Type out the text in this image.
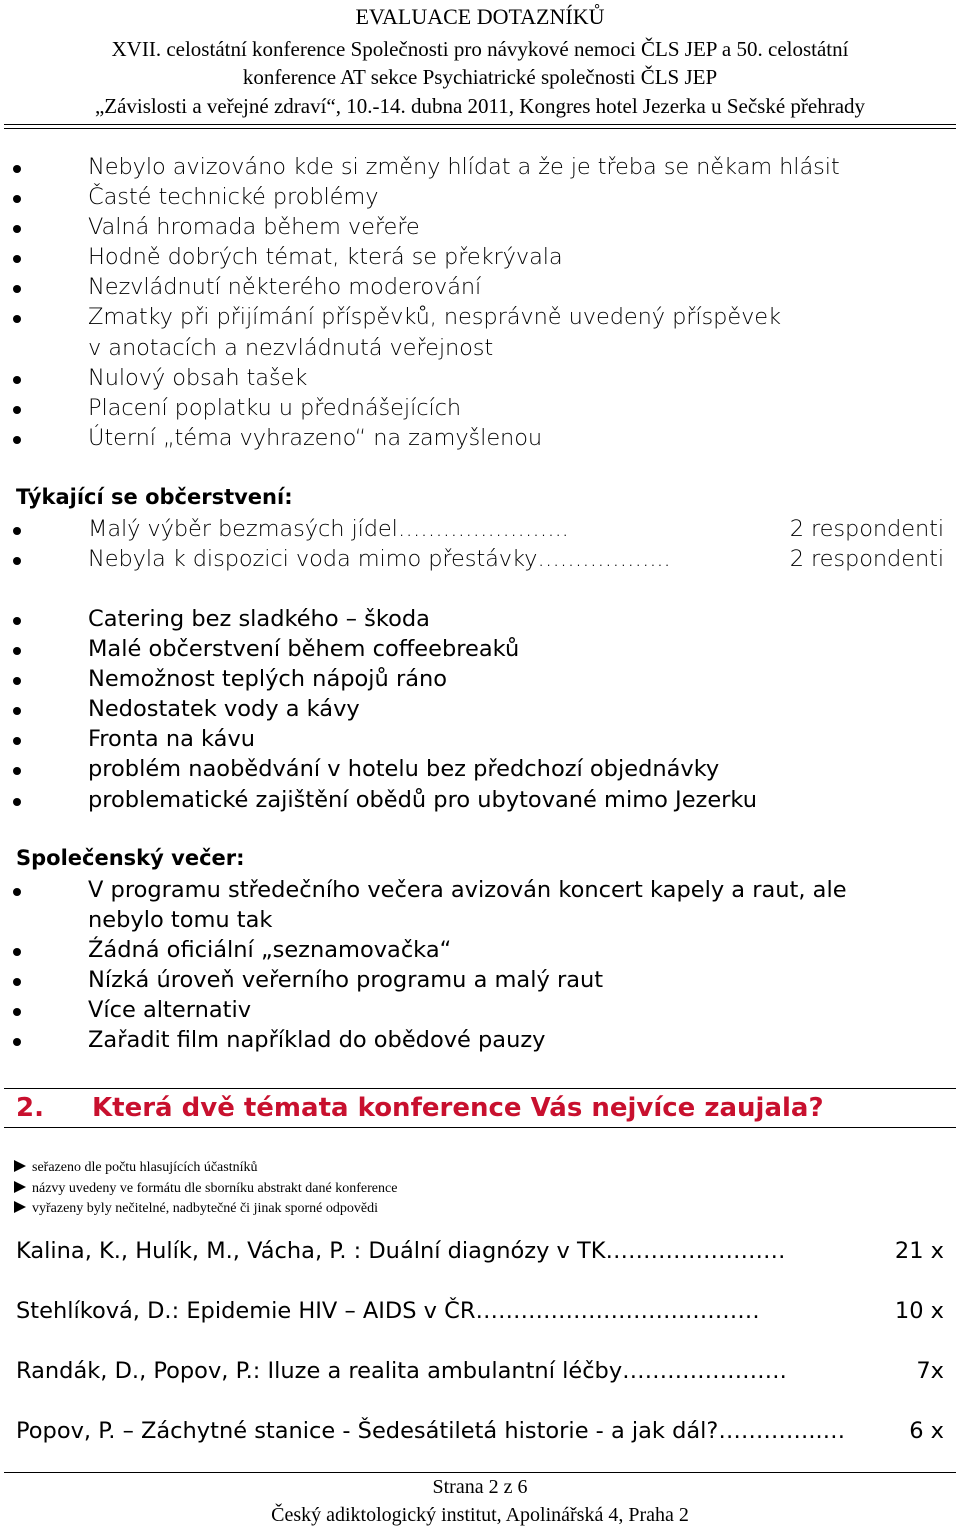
EVALUACE DOTAZNÍKŮ
XVII. celostátní konference Společnosti pro návykové nemoci ČLS JEP a 50. celostátní
konference AT sekce Psychiatrické společnosti ČLS JEP
„Závislosti a veřejné zdraví“, 10.-14. dubna 2011, Kongres hotel Jezerka u Sečské přehrady
Nebylo avizováno kde si změny hlídat a že je třeba se někam hlásit
Časté technické problémy
Valná hromada během veřeře
Hodně dobrých témat, která se překrývala
Nezvládnutí některého moderování
Zmatky při přijímání příspěvků, nesprávně uvedený příspěvek
v anotacích a nezvládnutá veřejnost
Nulový obsah tašek
Placení poplatku u přednášejících
Úterní „téma vyhrazeno“ na zamyšlenou
Týkající se občerstvení:
Malý výběr bezmasých jídel…………………..	2 respondenti
Nebyla k dispozici voda mimo přestávky……………...	2 respondenti
Catering bez sladkého – škoda
Malé občerstvení během coffeebreaků
Nemožnost teplých nápojů ráno
Nedostatek vody a kávy
Fronta na kávu
problém naobědvání v hotelu bez předchozí objednávky
problematické zajištění obědů pro ubytované mimo Jezerku
Společenský večer:
V programu středečního večera avizován koncert kapely a raut, ale
nebylo tomu tak
Źádná oficiální „seznamovačka“
Nízká úroveň veřerního programu a malý raut
Více alternativ
Zařadit film například do obědové pauzy
2. Která dvě témata konference Vás nejvíce zaujala?
seřazeno dle počtu hlasujících účastníků
názvy uvedeny ve formátu dle sborníku abstrakt dané konference
vyřazeny byly nečitelné, nadbytečné či jinak sporné odpovědi
Kalina, K., Hulík, M., Vácha, P. : Duální diagnózy v TK……………………	21 x
Stehlíková, D.: Epidemie HIV – AIDS v ČR………………………..………	10 x
Randák, D., Popov, P.: Iluze a realita ambulantní léčby………………….	7x
Popov, P. – Záchytné stanice - Šedesátiletá historie - a jak dál?…………..…	6 x
Strana 2 z 6
Český adiktologický institut, Apolinářská 4, Praha 2
